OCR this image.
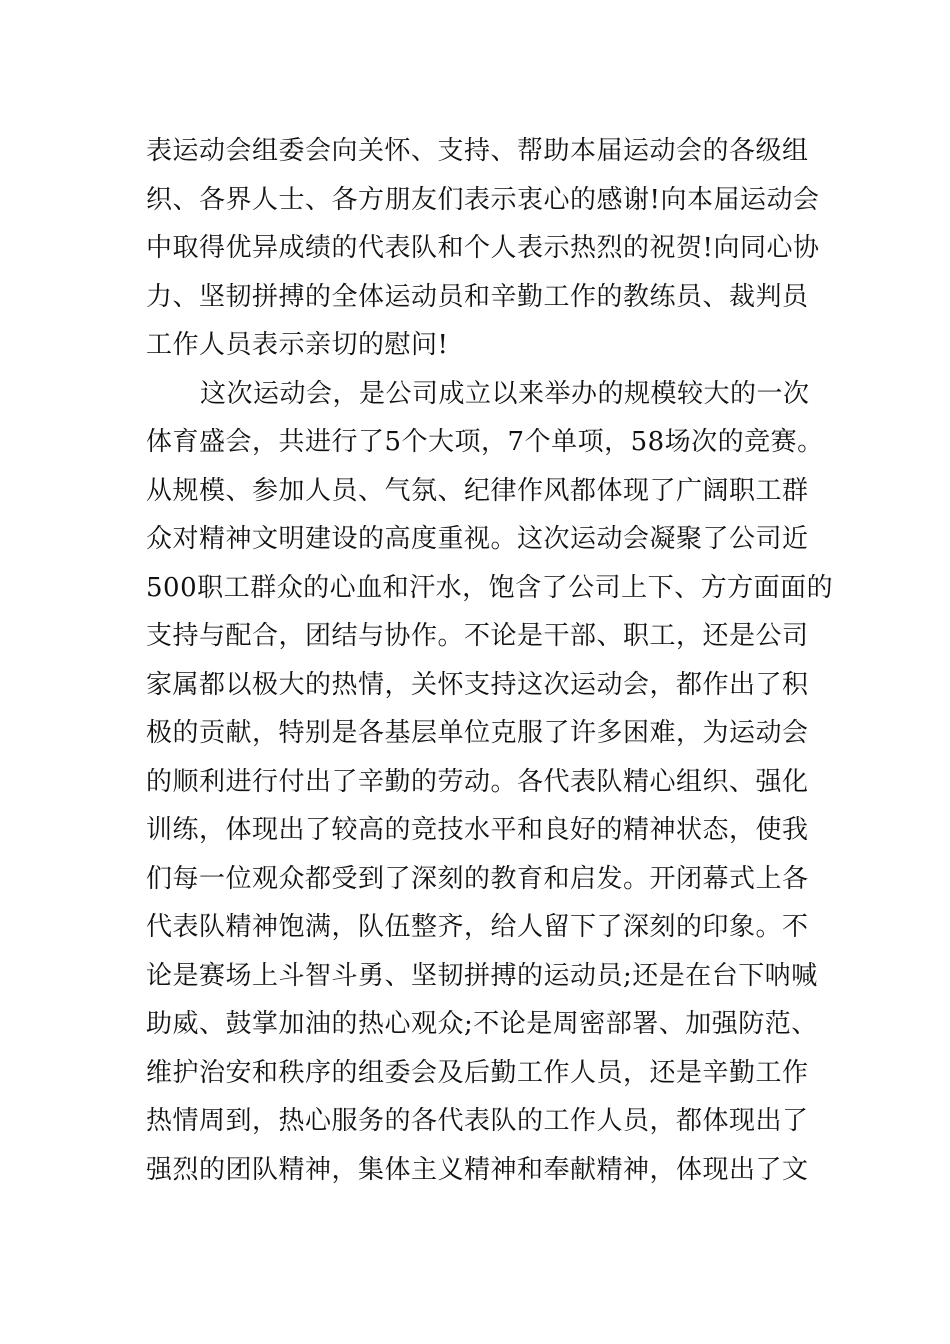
表运动会组委会向关怀、支持、帮助本届运动会的各级组
织、各界人士、各方朋友们表示衷心的感谢!向本届运动会
中取得优异成绩的代表队和个人表示热烈的祝贺!向同心协
力、坚韧拼搏的全体运动员和辛勤工作的教练员、裁判员
工作人员表示亲切的慰问!
这次运动会，是公司成立以来举办的规模较大的一次
体育盛会，共进行了5个大项，7个单项，58场次的竞赛。
从规模、参加人员、气氛、纪律作风都体现了广阔职工群
众对精神文明建设的高度重视。这次运动会凝聚了公司近
500职工群众的心血和汗水，饱含了公司上下、方方面面的
支持与配合，团结与协作。不论是干部、职工，还是公司
家属都以极大的热情，关怀支持这次运动会，都作出了积
极的贡献，特别是各基层单位克服了许多困难，为运动会
的顺利进行付出了辛勤的劳动。各代表队精心组织、强化
训练，体现出了较高的竞技水平和良好的精神状态，使我
们每一位观众都受到了深刻的教育和启发。开闭幕式上各
代表队精神饱满，队伍整齐，给人留下了深刻的印象。不
论是赛场上斗智斗勇、坚韧拼搏的运动员;还是在台下呐喊
助威、鼓掌加油的热心观众;不论是周密部署、加强防范、
维护治安和秩序的组委会及后勤工作人员，还是辛勤工作
热情周到，热心服务的各代表队的工作人员，都体现出了
强烈的团队精神，集体主义精神和奉献精神，体现出了文
